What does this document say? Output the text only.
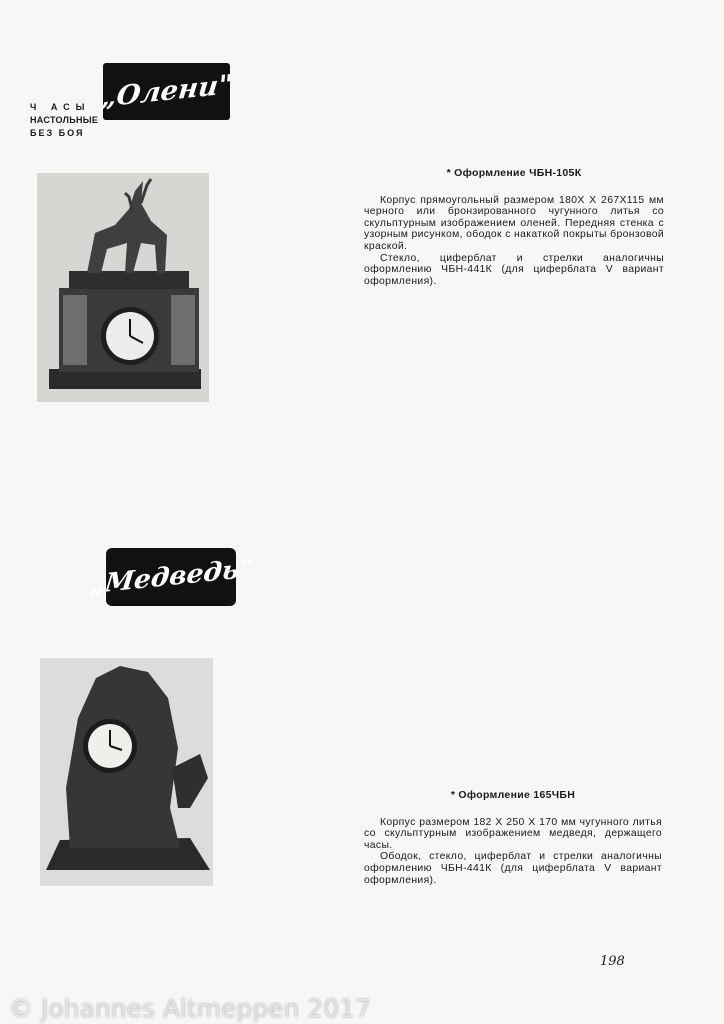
Ч АСЫ
НАСТОЛЬНЫЕ
БЕЗ БОЯ
„Олени"
* Оформление ЧБН-105К

Корпус прямоугольный размером 180Х Х 267Х115 мм черного или бронзированного чугунного литья со скульптурным изображением оленей. Передняя стенка с узорным рисунком, ободок с накаткой покрыты бронзовой краской.

Стекло, циферблат и стрелки аналогичны оформлению ЧБН-441К (для циферблата V вариант оформления).

„Медведь"
* Оформление 165ЧБН

Корпус размером 182 Х 250 Х 170 мм чугунного литья со скульптурным изображением медведя, держащего часы.

Ободок, стекло, циферблат и стрелки аналогичны оформлению ЧБН-441К (для циферблата V вариант оформления).

198
© Johannes Altmeppen 2017
